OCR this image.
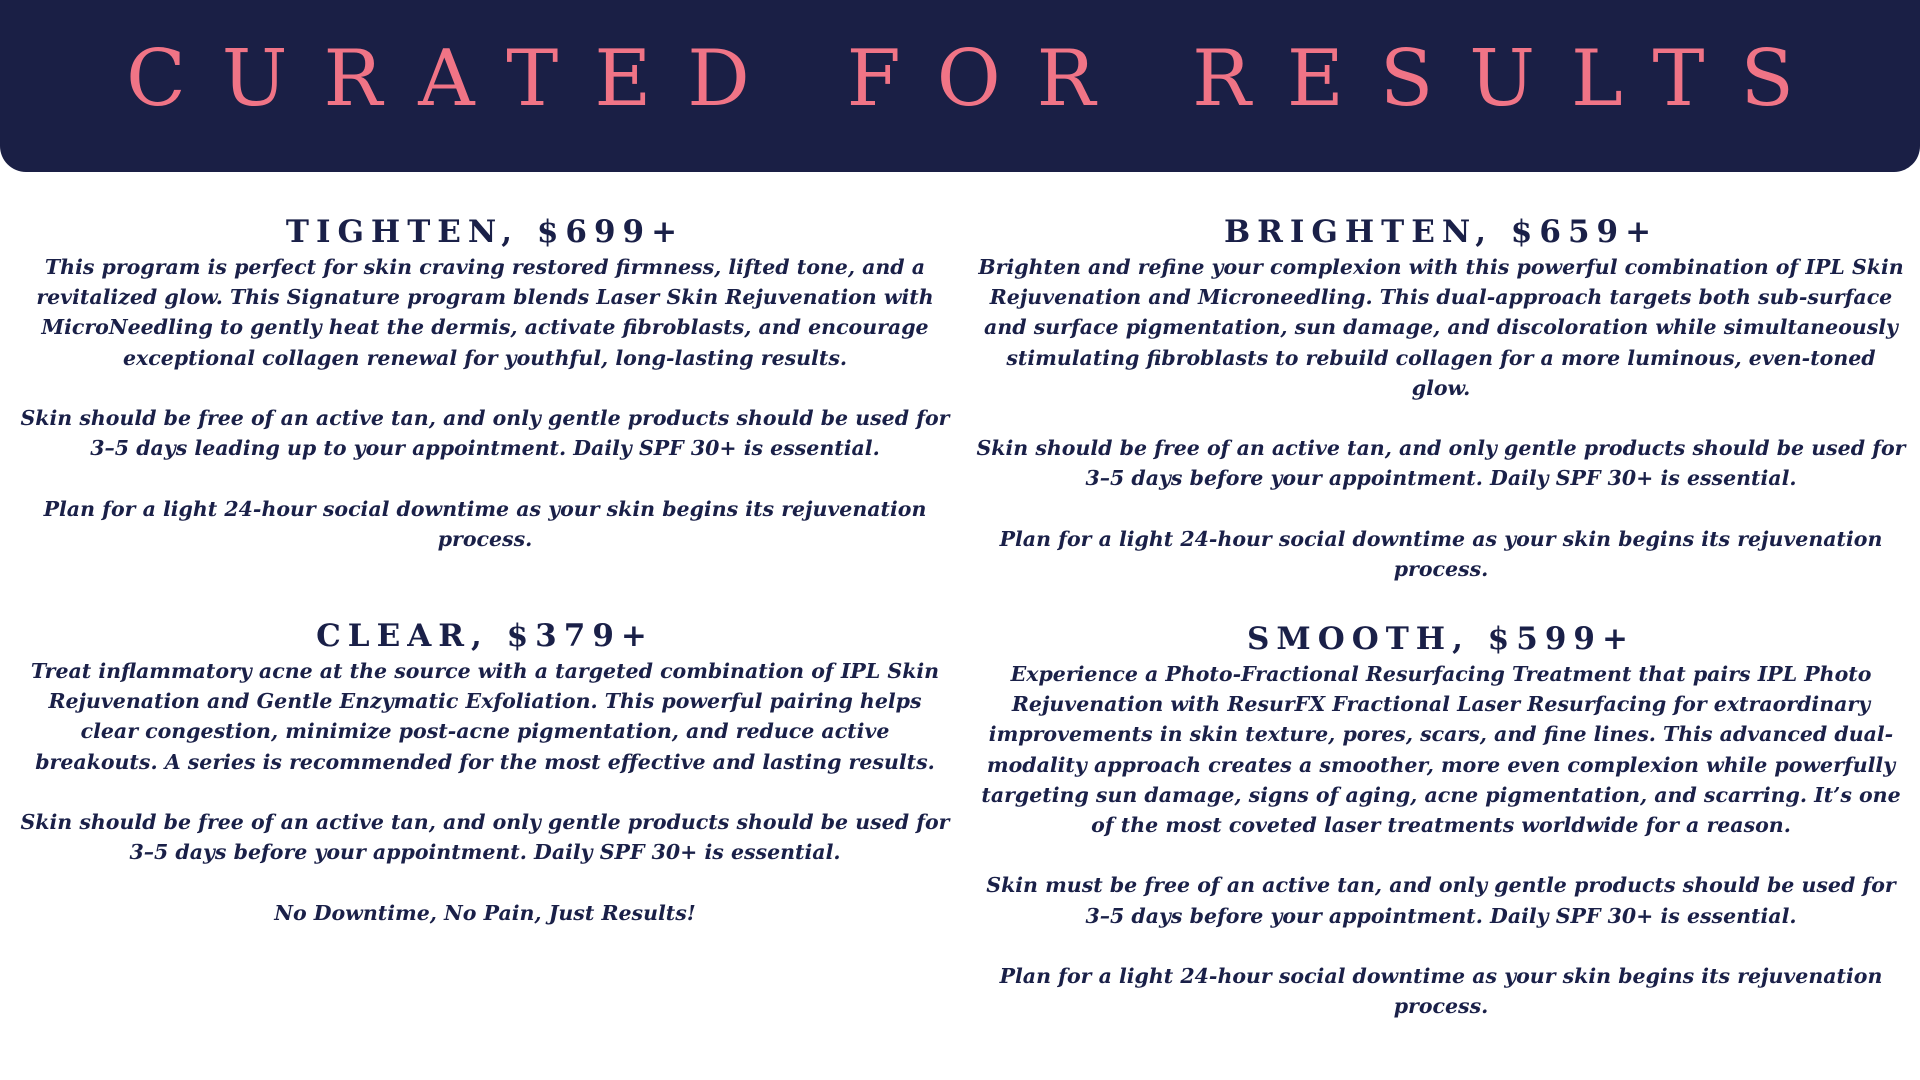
CURATED FOR RESULTS
TIGHTEN, $699+

This program is perfect for skin craving restored firmness, lifted tone, and a revitalized glow. This Signature program blends Laser Skin Rejuvenation with MicroNeedling to gently heat the dermis, activate fibroblasts, and encourage exceptional collagen renewal for youthful, long-lasting results.

Skin should be free of an active tan, and only gentle products should be used for 3–5 days leading up to your appointment. Daily SPF 30+ is essential.

Plan for a light 24-hour social downtime as your skin begins its rejuvenation process.

BRIGHTEN, $659+

Brighten and refine your complexion with this powerful combination of IPL Skin Rejuvenation and Microneedling. This dual-approach targets both sub-surface and surface pigmentation, sun damage, and discoloration while simultaneously stimulating fibroblasts to rebuild collagen for a more luminous, even-toned glow.

Skin should be free of an active tan, and only gentle products should be used for 3–5 days before your appointment. Daily SPF 30+ is essential.

Plan for a light 24-hour social downtime as your skin begins its rejuvenation process.

CLEAR, $379+

Treat inflammatory acne at the source with a targeted combination of IPL Skin Rejuvenation and Gentle Enzymatic Exfoliation. This powerful pairing helps clear congestion, minimize post-acne pigmentation, and reduce active breakouts. A series is recommended for the most effective and lasting results.

Skin should be free of an active tan, and only gentle products should be used for 3–5 days before your appointment. Daily SPF 30+ is essential.

No Downtime, No Pain, Just Results!

SMOOTH, $599+

Experience a Photo-Fractional Resurfacing Treatment that pairs IPL Photo Rejuvenation with ResurFX Fractional Laser Resurfacing for extraordinary improvements in skin texture, pores, scars, and fine lines. This advanced dual-modality approach creates a smoother, more even complexion while powerfully targeting sun damage, signs of aging, acne pigmentation, and scarring. It’s one of the most coveted laser treatments worldwide for a reason.

Skin must be free of an active tan, and only gentle products should be used for 3–5 days before your appointment. Daily SPF 30+ is essential.

Plan for a light 24-hour social downtime as your skin begins its rejuvenation process.
